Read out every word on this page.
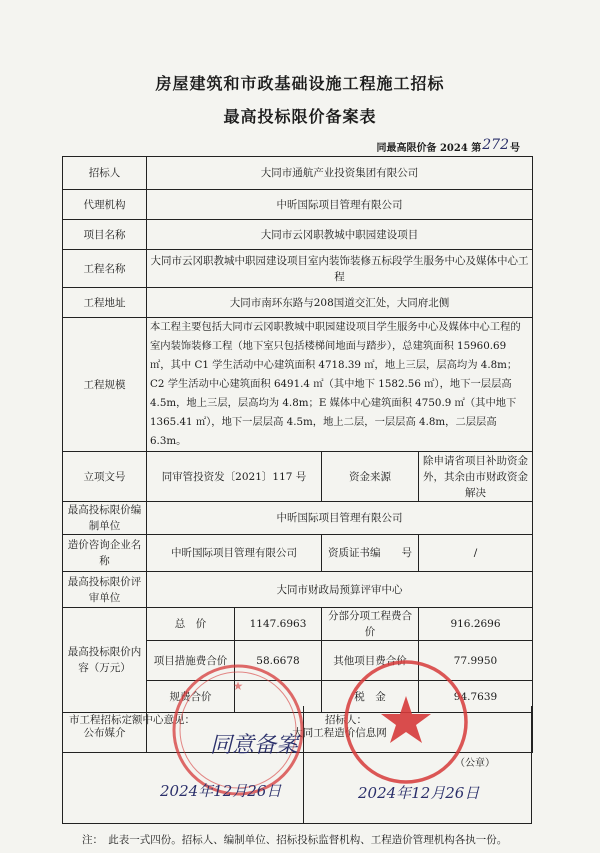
房屋建筑和市政基础设施工程施工招标
最高投标限价备案表
同最高限价备 2024 第272号
招标人	大同市通航产业投资集团有限公司			
代理机构	中昕国际项目管理有限公司			
项目名称	大同市云冈职教城中职园建设项目			
工程名称	大同市云冈职教城中职园建设项目室内装饰装修五标段学生服务中心及媒体中心工程			
工程地址	大同市南环东路与208国道交汇处，大同府北侧			
工程规模	本工程主要包括大同市云冈职教城中职园建设项目学生服务中心及媒体中心工程的室内装饰装修工程（地下室只包括楼梯间地面与踏步），总建筑面积 15960.69 ㎡，其中 C1 学生活动中心建筑面积 4718.39 ㎡，地上三层，层高均为 4.8m；C2 学生活动中心建筑面积 6491.4 ㎡（其中地下 1582.56 ㎡），地下一层层高 4.5m，地上三层，层高均为 4.8m；E 媒体中心建筑面积 4750.9 ㎡（其中地下 1365.41 ㎡），地下一层层高 4.5m，地上二层，一层层高 4.8m，二层层高 6.3m。			
立项文号	同审管投资发〔2021〕117 号		资金来源	除申请省项目补助资金外，其余由市财政资金解决
最高投标限价编制单位	中昕国际项目管理有限公司			
造价咨询企业名称	中昕国际项目管理有限公司		资质证书编　　号	/
最高投标限价评审单位	大同市财政局预算评审中心			
最高投标限价内容（万元）	总　价	1147.6963	分部分项工程费合价	916.2696
	项目措施费合价	58.6678	其他项目费合价	77.9950
	规费合价		税　金	94.7639
公布媒介	大同工程造价信息网			
市工程招标定额中心意见：	招标人：
（公章）
★
同意备案
2024年12月26日	2024年12月26日
注：　此表一式四份。招标人、编制单位、招标投标监督机构、工程造价管理机构各执一份。
